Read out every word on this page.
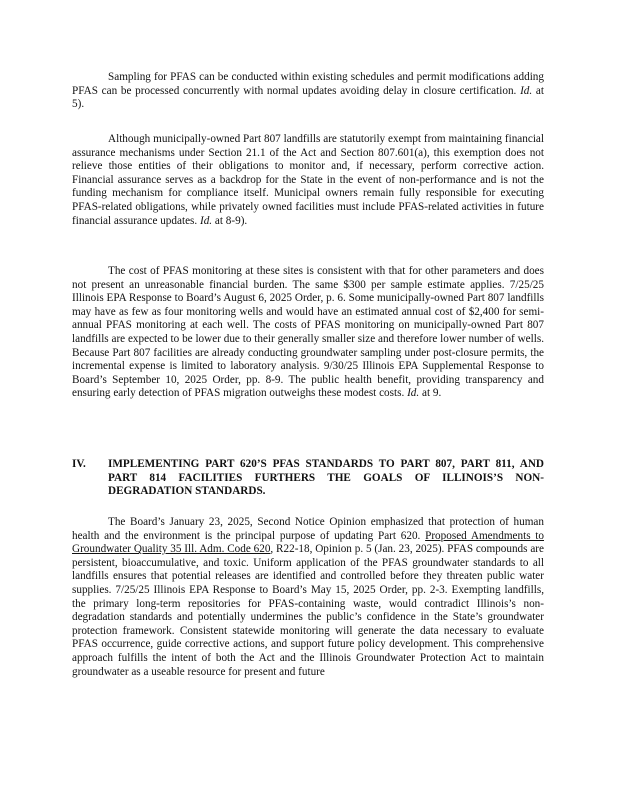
Sampling for PFAS can be conducted within existing schedules and permit modifications adding PFAS can be processed concurrently with normal updates avoiding delay in closure certification. Id. at 5).

Although municipally-owned Part 807 landfills are statutorily exempt from maintaining financial assurance mechanisms under Section 21.1 of the Act and Section 807.601(a), this exemption does not relieve those entities of their obligations to monitor and, if necessary, perform corrective action. Financial assurance serves as a backdrop for the State in the event of non-performance and is not the funding mechanism for compliance itself. Municipal owners remain fully responsible for executing PFAS-related obligations, while privately owned facilities must include PFAS-related activities in future financial assurance updates. Id. at 8-9).

The cost of PFAS monitoring at these sites is consistent with that for other parameters and does not present an unreasonable financial burden. The same $300 per sample estimate applies. 7/25/25 Illinois EPA Response to Board’s August 6, 2025 Order, p. 6. Some municipally-owned Part 807 landfills may have as few as four monitoring wells and would have an estimated annual cost of $2,400 for semi-annual PFAS monitoring at each well. The costs of PFAS monitoring on municipally-owned Part 807 landfills are expected to be lower due to their generally smaller size and therefore lower number of wells. Because Part 807 facilities are already conducting groundwater sampling under post-closure permits, the incremental expense is limited to laboratory analysis. 9/30/25 Illinois EPA Supplemental Response to Board’s September 10, 2025 Order, pp. 8-9. The public health benefit, providing transparency and ensuring early detection of PFAS migration outweighs these modest costs. Id. at 9.

IV.	IMPLEMENTING PART 620’S PFAS STANDARDS TO PART 807, PART 811, AND PART 814 FACILITIES FURTHERS THE GOALS OF ILLINOIS’S NON-DEGRADATION STANDARDS.

The Board’s January 23, 2025, Second Notice Opinion emphasized that protection of human health and the environment is the principal purpose of updating Part 620. Proposed Amendments to Groundwater Quality 35 Ill. Adm. Code 620, R22-18, Opinion p. 5 (Jan. 23, 2025). PFAS compounds are persistent, bioaccumulative, and toxic. Uniform application of the PFAS groundwater standards to all landfills ensures that potential releases are identified and controlled before they threaten public water supplies. 7/25/25 Illinois EPA Response to Board’s May 15, 2025 Order, pp. 2-3. Exempting landfills, the primary long-term repositories for PFAS-containing waste, would contradict Illinois’s non-degradation standards and potentially undermines the public’s confidence in the State’s groundwater protection framework. Consistent statewide monitoring will generate the data necessary to evaluate PFAS occurrence, guide corrective actions, and support future policy development. This comprehensive approach fulfills the intent of both the Act and the Illinois Groundwater Protection Act to maintain groundwater as a useable resource for present and future
